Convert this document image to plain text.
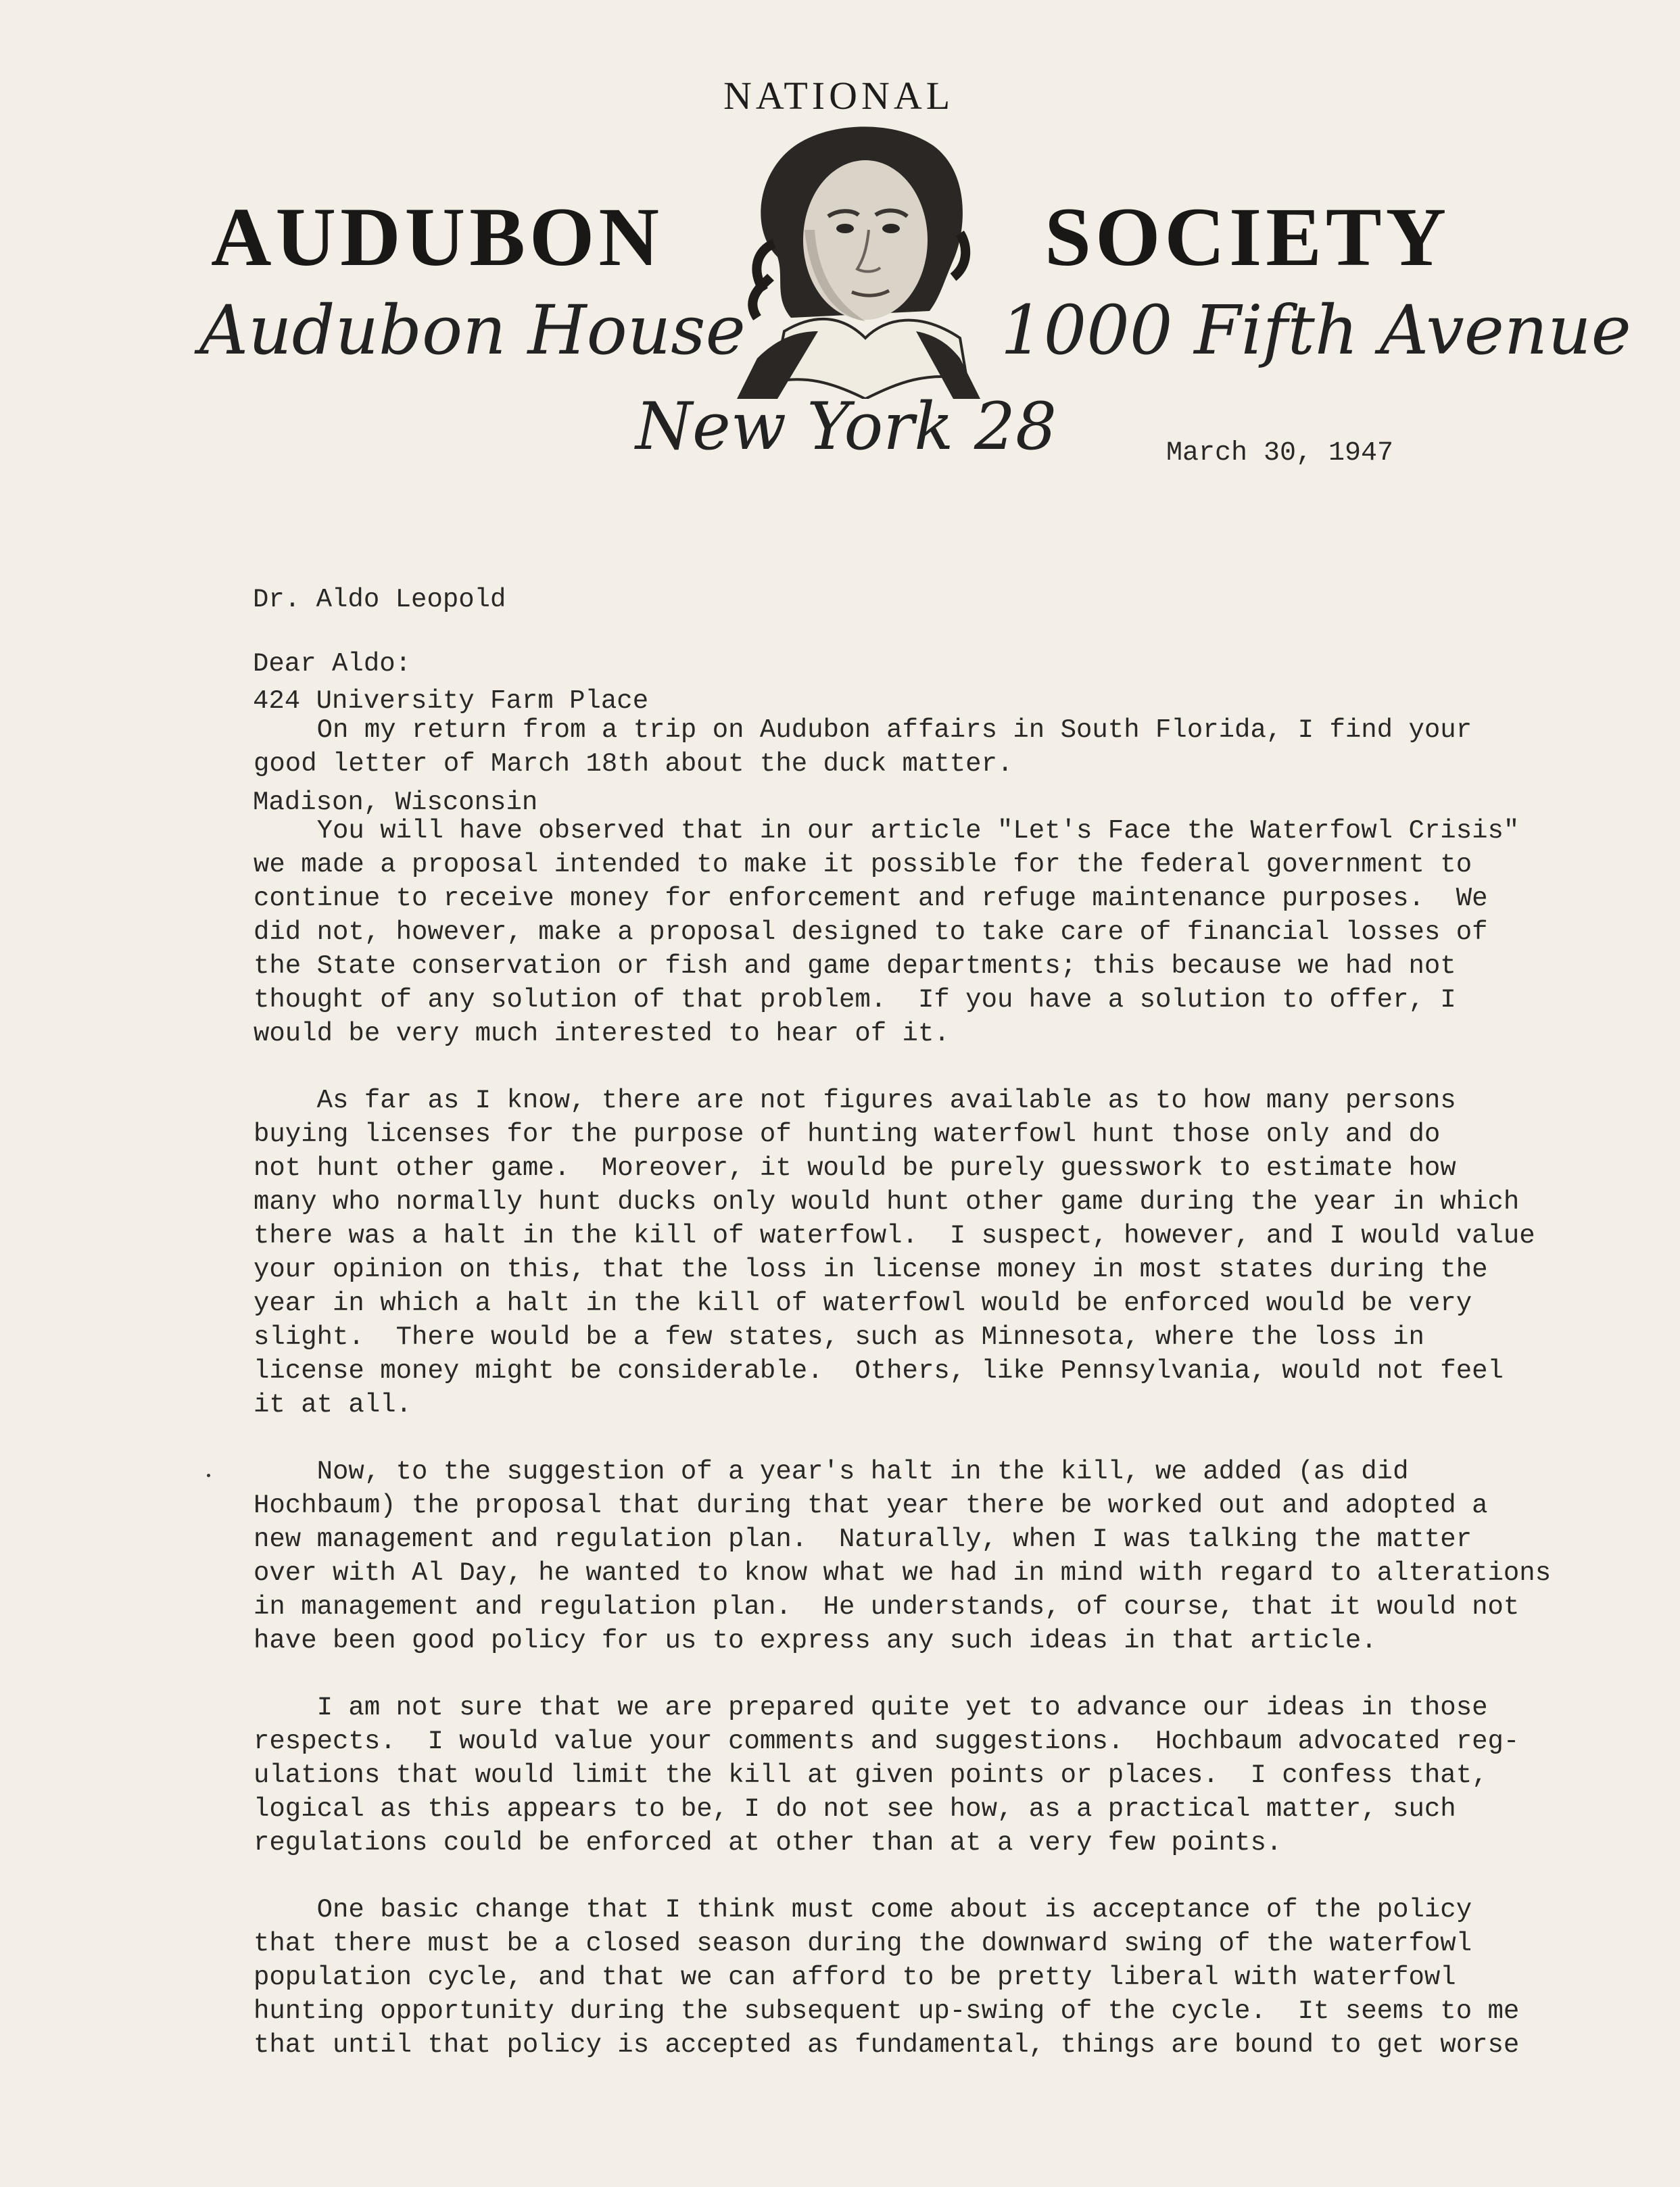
NATIONAL
AUDUBON	SOCIETY
Audubon House	1000 Fifth Avenue
New York 28	March 30, 1947

Dr. Aldo Leopold

424 University Farm Place

Madison, Wisconsin

Dear Aldo:
On my return from a trip on Audubon affairs in South Florida, I find your
good letter of March 18th about the duck matter.
You will have observed that in our article "Let's Face the Waterfowl Crisis"
we made a proposal intended to make it possible for the federal government to
continue to receive money for enforcement and refuge maintenance purposes.  We
did not, however, make a proposal designed to take care of financial losses of
the State conservation or fish and game departments; this because we had not
thought of any solution of that problem.  If you have a solution to offer, I
would be very much interested to hear of it.
As far as I know, there are not figures available as to how many persons
buying licenses for the purpose of hunting waterfowl hunt those only and do
not hunt other game.  Moreover, it would be purely guesswork to estimate how
many who normally hunt ducks only would hunt other game during the year in which
there was a halt in the kill of waterfowl.  I suspect, however, and I would value
your opinion on this, that the loss in license money in most states during the
year in which a halt in the kill of waterfowl would be enforced would be very
slight.  There would be a few states, such as Minnesota, where the loss in
license money might be considerable.  Others, like Pennsylvania, would not feel
it at all.
Now, to the suggestion of a year's halt in the kill, we added (as did
Hochbaum) the proposal that during that year there be worked out and adopted a
new management and regulation plan.  Naturally, when I was talking the matter
over with Al Day, he wanted to know what we had in mind with regard to alterations
in management and regulation plan.  He understands, of course, that it would not
have been good policy for us to express any such ideas in that article.
I am not sure that we are prepared quite yet to advance our ideas in those
respects.  I would value your comments and suggestions.  Hochbaum advocated reg-
ulations that would limit the kill at given points or places.  I confess that,
logical as this appears to be, I do not see how, as a practical matter, such
regulations could be enforced at other than at a very few points.
One basic change that I think must come about is acceptance of the policy
that there must be a closed season during the downward swing of the waterfowl
population cycle, and that we can afford to be pretty liberal with waterfowl
hunting opportunity during the subsequent up-swing of the cycle.  It seems to me
that until that policy is accepted as fundamental, things are bound to get worse
